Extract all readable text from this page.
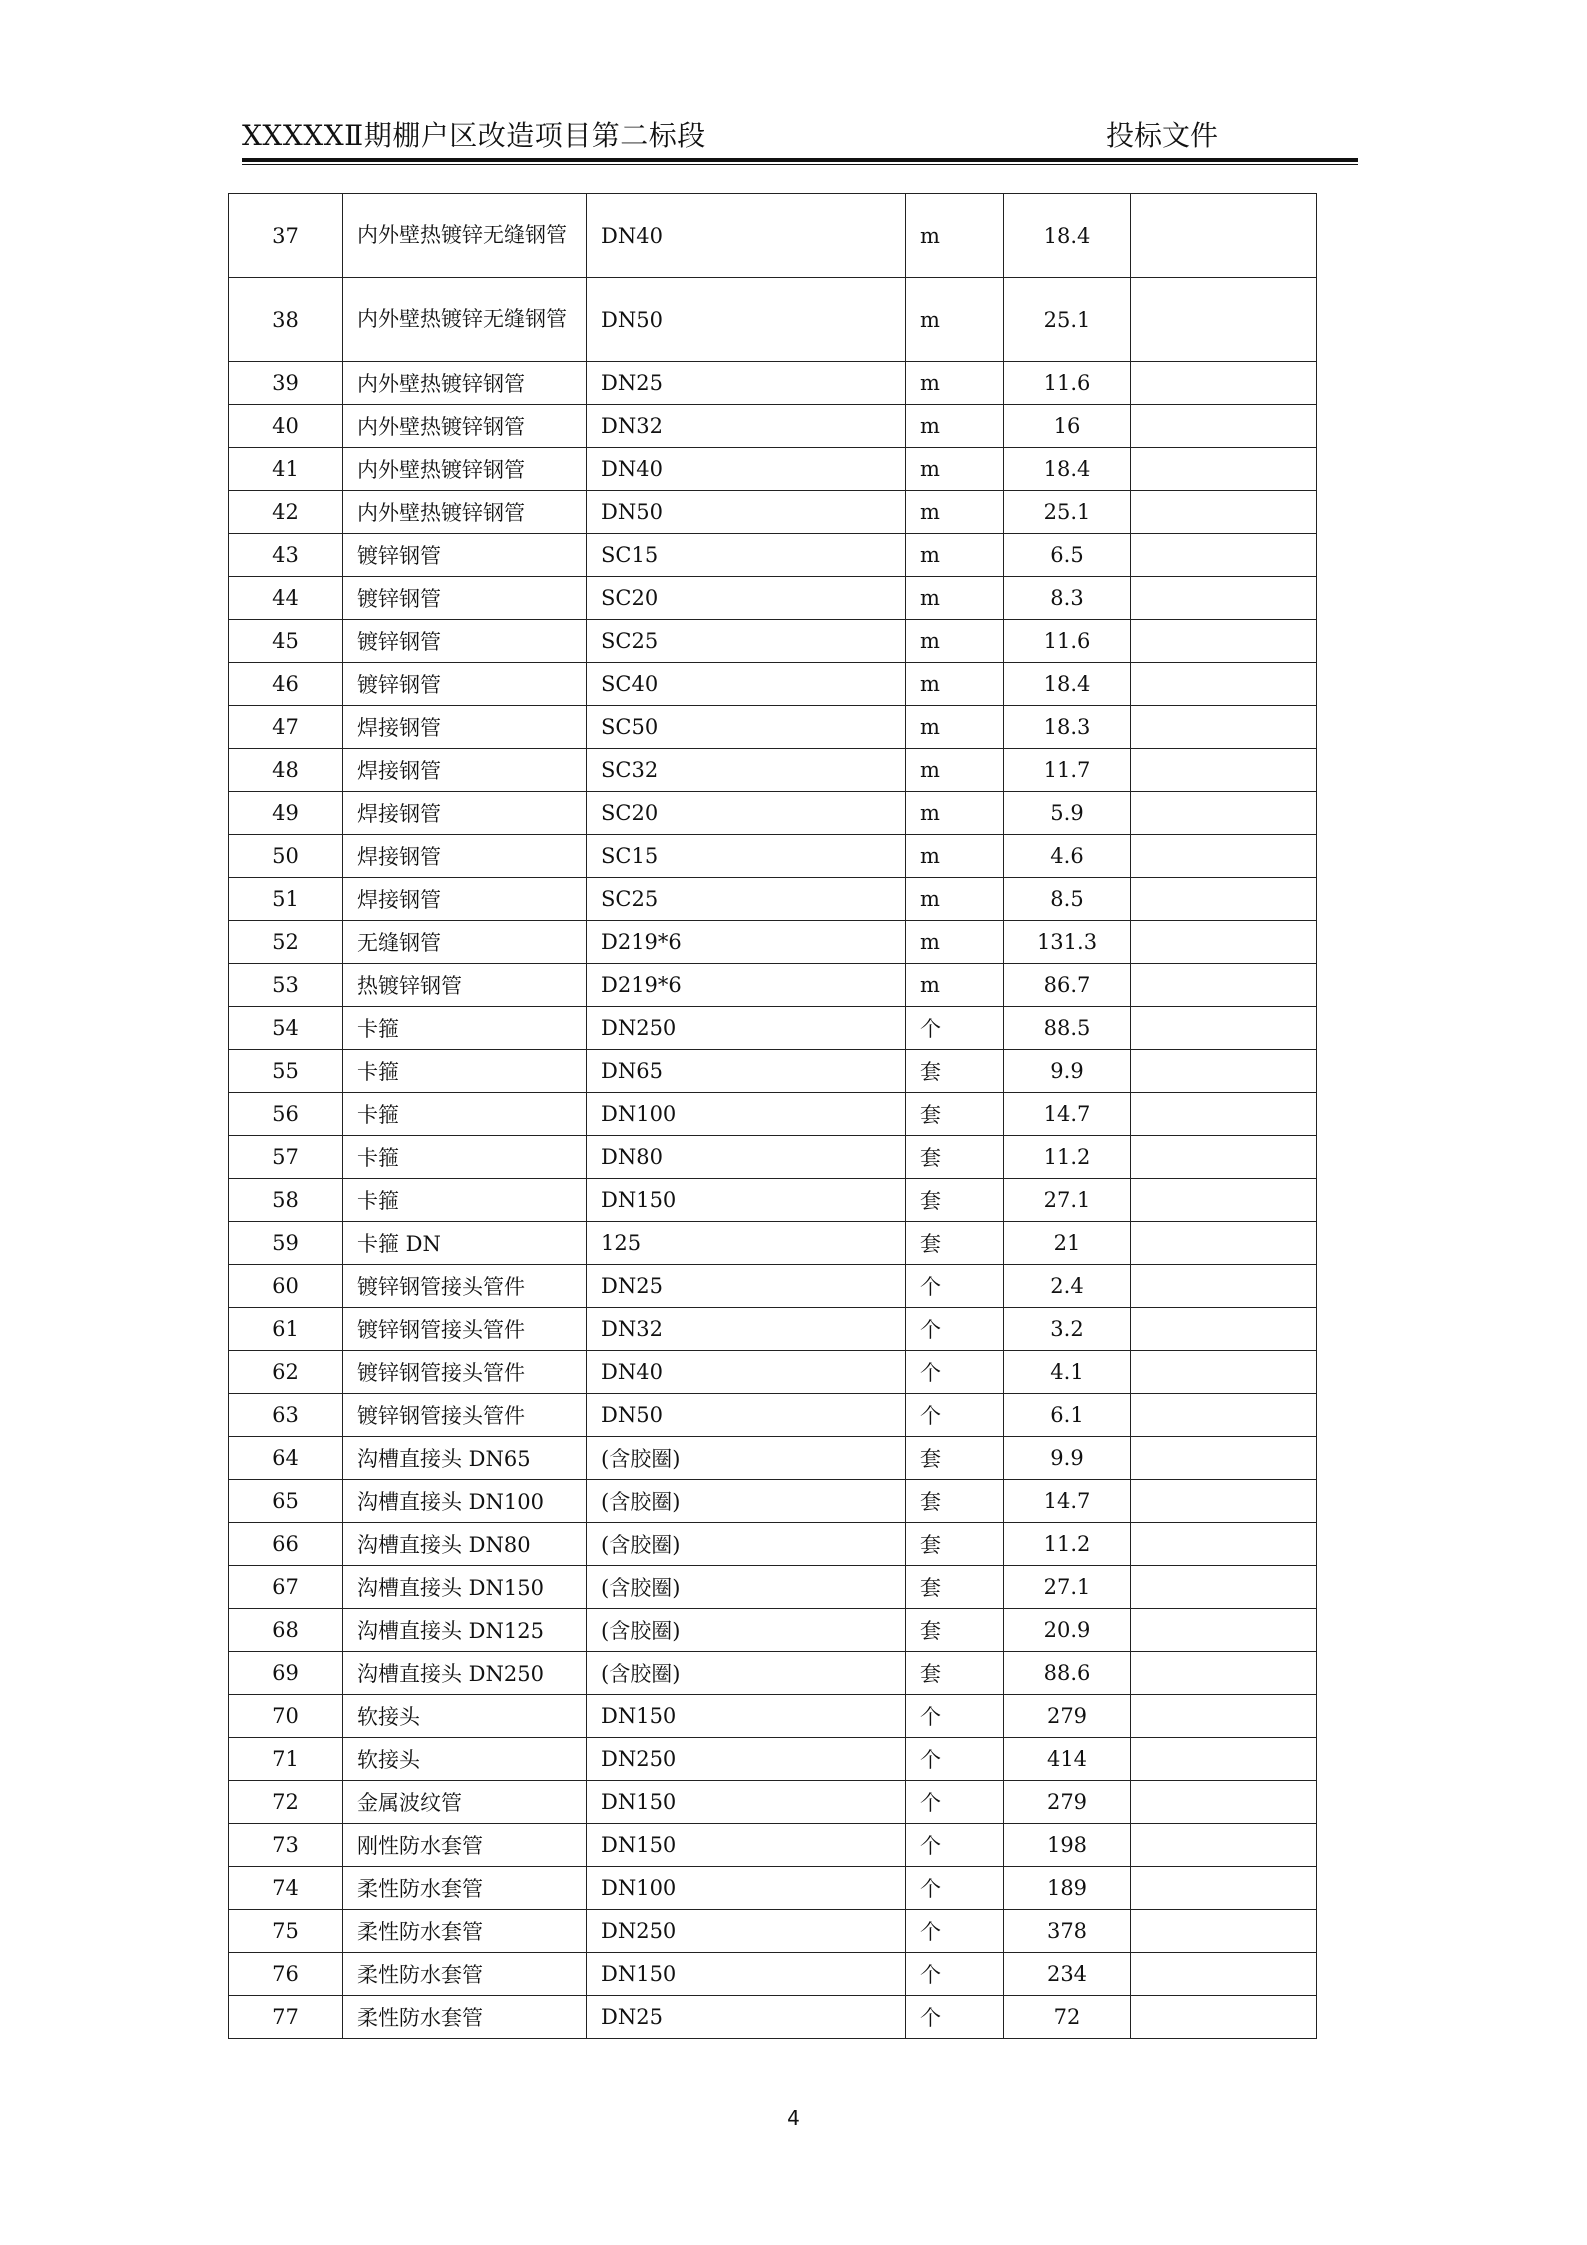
XXXXXⅡ期棚户区改造项目第二标段	投标文件
37	内外壁热镀锌无缝钢管	DN40	m	18.4	
38	内外壁热镀锌无缝钢管	DN50	m	25.1	
39	内外壁热镀锌钢管	DN25	m	11.6	
40	内外壁热镀锌钢管	DN32	m	16	
41	内外壁热镀锌钢管	DN40	m	18.4	
42	内外壁热镀锌钢管	DN50	m	25.1	
43	镀锌钢管	SC15	m	6.5	
44	镀锌钢管	SC20	m	8.3	
45	镀锌钢管	SC25	m	11.6	
46	镀锌钢管	SC40	m	18.4	
47	焊接钢管	SC50	m	18.3	
48	焊接钢管	SC32	m	11.7	
49	焊接钢管	SC20	m	5.9	
50	焊接钢管	SC15	m	4.6	
51	焊接钢管	SC25	m	8.5	
52	无缝钢管	D219*6	m	131.3	
53	热镀锌钢管	D219*6	m	86.7	
54	卡箍	DN250	个	88.5	
55	卡箍	DN65	套	9.9	
56	卡箍	DN100	套	14.7	
57	卡箍	DN80	套	11.2	
58	卡箍	DN150	套	27.1	
59	卡箍 DN	125	套	21	
60	镀锌钢管接头管件	DN25	个	2.4	
61	镀锌钢管接头管件	DN32	个	3.2	
62	镀锌钢管接头管件	DN40	个	4.1	
63	镀锌钢管接头管件	DN50	个	6.1	
64	沟槽直接头 DN65	(含胶圈)	套	9.9	
65	沟槽直接头 DN100	(含胶圈)	套	14.7	
66	沟槽直接头 DN80	(含胶圈)	套	11.2	
67	沟槽直接头 DN150	(含胶圈)	套	27.1	
68	沟槽直接头 DN125	(含胶圈)	套	20.9	
69	沟槽直接头 DN250	(含胶圈)	套	88.6	
70	软接头	DN150	个	279	
71	软接头	DN250	个	414	
72	金属波纹管	DN150	个	279	
73	刚性防水套管	DN150	个	198	
74	柔性防水套管	DN100	个	189	
75	柔性防水套管	DN250	个	378	
76	柔性防水套管	DN150	个	234	
77	柔性防水套管	DN25	个	72	
4
